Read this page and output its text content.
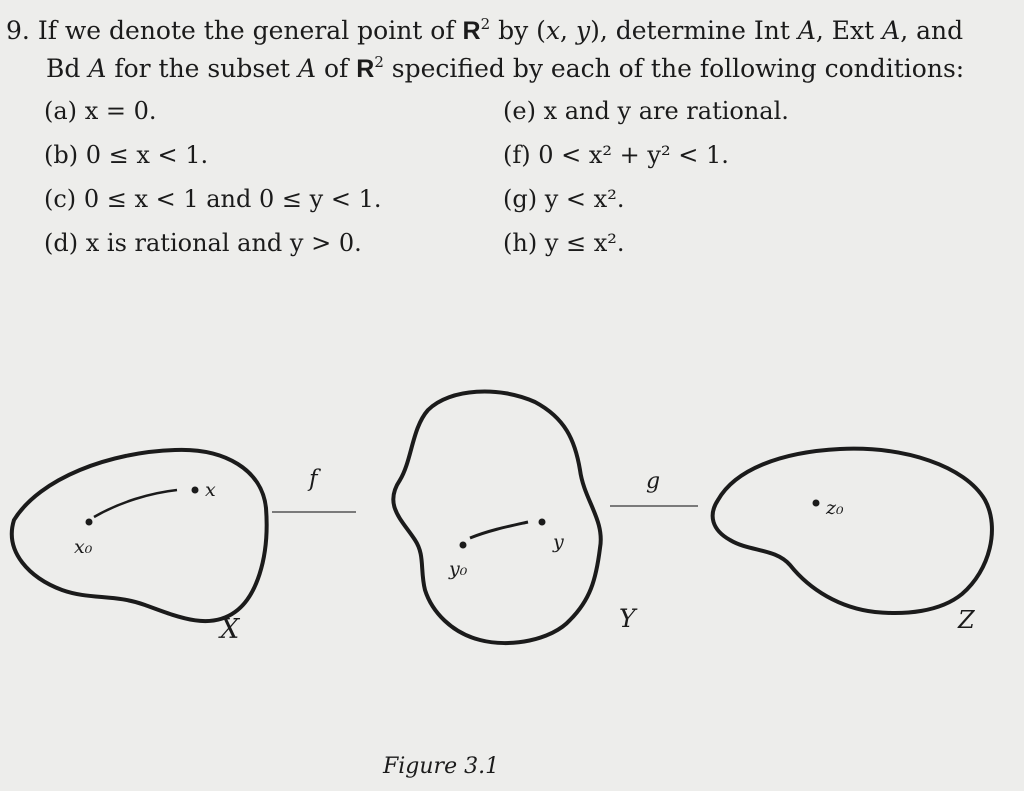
9. If we denote the general point of $R^2$ by (x, y), determine Int A, Ext A, and
Bd A for the subset A of $R^2$ specified by each of the following conditions:
(a) x = 0.
(b) 0 ≤ x < 1.
(c) 0 ≤ x < 1 and 0 ≤ y < 1.
(d) x is rational and y > 0.
(e) x and y are rational.
(f) 0 < x² + y² < 1.
(g) y < x².
(h) y ≤ x².
x
x₀
X
f
y
y₀
Y
g
z₀
Z
Figure 3.1
